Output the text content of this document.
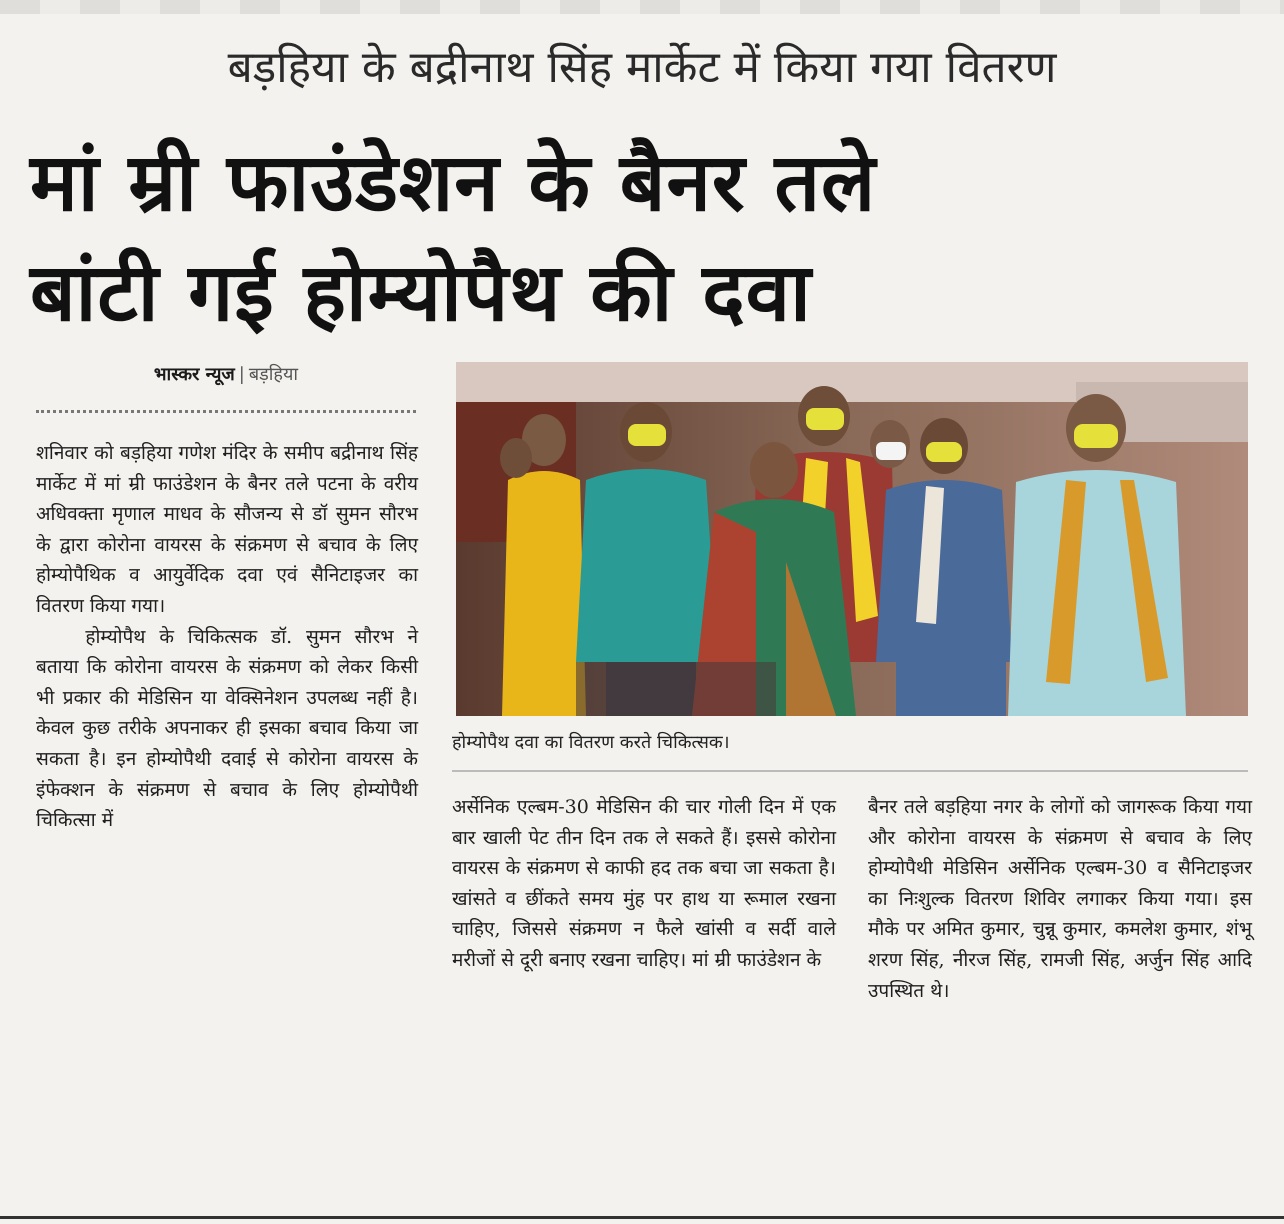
बड़हिया के बद्रीनाथ सिंह मार्केट में किया गया वितरण
मां म्री फाउंडेशन के बैनर तले
बांटी गई होम्योपैथ की दवा
भास्कर न्यूज | बड़हिया

शनिवार को बड़हिया गणेश मंदिर के समीप बद्रीनाथ सिंह मार्केट में मां म्री फाउंडेशन के बैनर तले पटना के वरीय अधिवक्ता मृणाल माधव के सौजन्य से डॉ सुमन सौरभ के द्वारा कोरोना वायरस के संक्रमण से बचाव के लिए होम्योपैथिक व आयुर्वेदिक दवा एवं सैनिटाइजर का वितरण किया गया।

होम्योपैथ के चिकित्सक डॉ. सुमन सौरभ ने बताया कि कोरोना वायरस के संक्रमण को लेकर किसी भी प्रकार की मेडिसिन या वेक्सिनेशन उपलब्ध नहीं है। केवल कुछ तरीके अपनाकर ही इसका बचाव किया जा सकता है। इन होम्योपैथी दवाई से कोरोना वायरस के इंफेक्शन के संक्रमण से बचाव के लिए होम्योपैथी चिकित्सा में

होम्योपैथ दवा का वितरण करते चिकित्सक।

अर्सेनिक एल्बम-30 मेडिसिन की चार गोली दिन में एक बार खाली पेट तीन दिन तक ले सकते हैं। इससे कोरोना वायरस के संक्रमण से काफी हद तक बचा जा सकता है। खांसते व छींकते समय मुंह पर हाथ या रूमाल रखना चाहिए, जिससे संक्रमण न फैले खांसी व सर्दी वाले मरीजों से दूरी बनाए रखना चाहिए। मां म्री फाउंडेशन के

बैनर तले बड़हिया नगर के लोगों को जागरूक किया गया और कोरोना वायरस के संक्रमण से बचाव के लिए होम्योपैथी मेडिसिन अर्सेनिक एल्बम-30 व सैनिटाइजर का निःशुल्क वितरण शिविर लगाकर किया गया। इस मौके पर अमित कुमार, चुन्नू कुमार, कमलेश कुमार, शंभू शरण सिंह, नीरज सिंह, रामजी सिंह, अर्जुन सिंह आदि उपस्थित थे।
